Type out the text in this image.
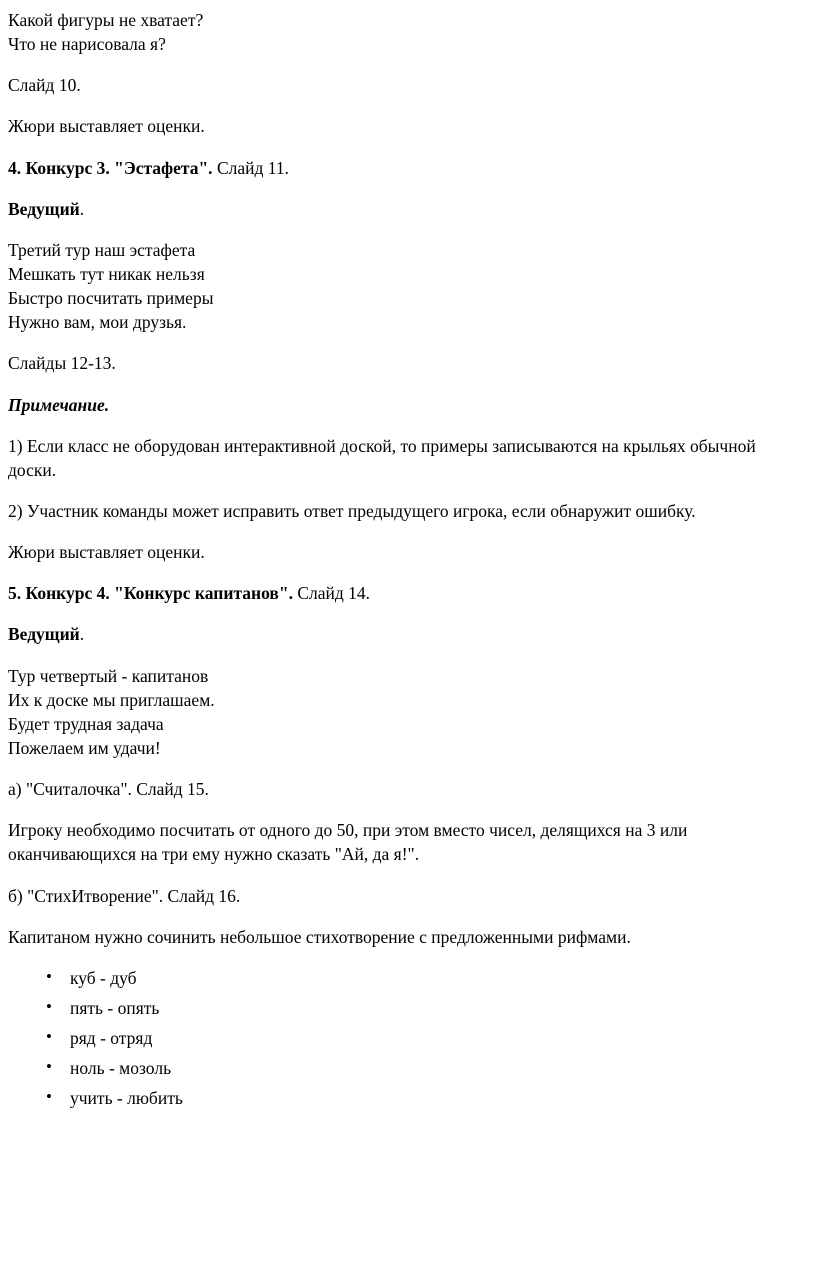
Какой фигуры не хватает?
Что не нарисовала я?

Слайд 10.

Жюри выставляет оценки.

4. Конкурс 3. "Эстафета". Слайд 11.

Ведущий.

Третий тур наш эстафета
Мешкать тут никак нельзя
Быстро посчитать примеры
Нужно вам, мои друзья.

Слайды 12-13.

Примечание.

1) Если класс не оборудован интерактивной доской, то примеры записываются на крыльях обычной доски.

2) Участник команды может исправить ответ предыдущего игрока, если обнаружит ошибку.

Жюри выставляет оценки.

5. Конкурс 4. "Конкурс капитанов". Слайд 14.

Ведущий.

Тур четвертый - капитанов
Их к доске мы приглашаем.
Будет трудная задача
Пожелаем им удачи!

а) "Считалочка". Слайд 15.

Игроку необходимо посчитать от одного до 50, при этом вместо чисел, делящихся на 3 или оканчивающихся на три ему нужно сказать "Ай, да я!".

б) "СтихИтворение". Слайд 16.

Капитаном нужно сочинить небольшое стихотворение с предложенными рифмами.

• куб - дуб
• пять - опять
• ряд - отряд
• ноль - мозоль
• учить - любить
